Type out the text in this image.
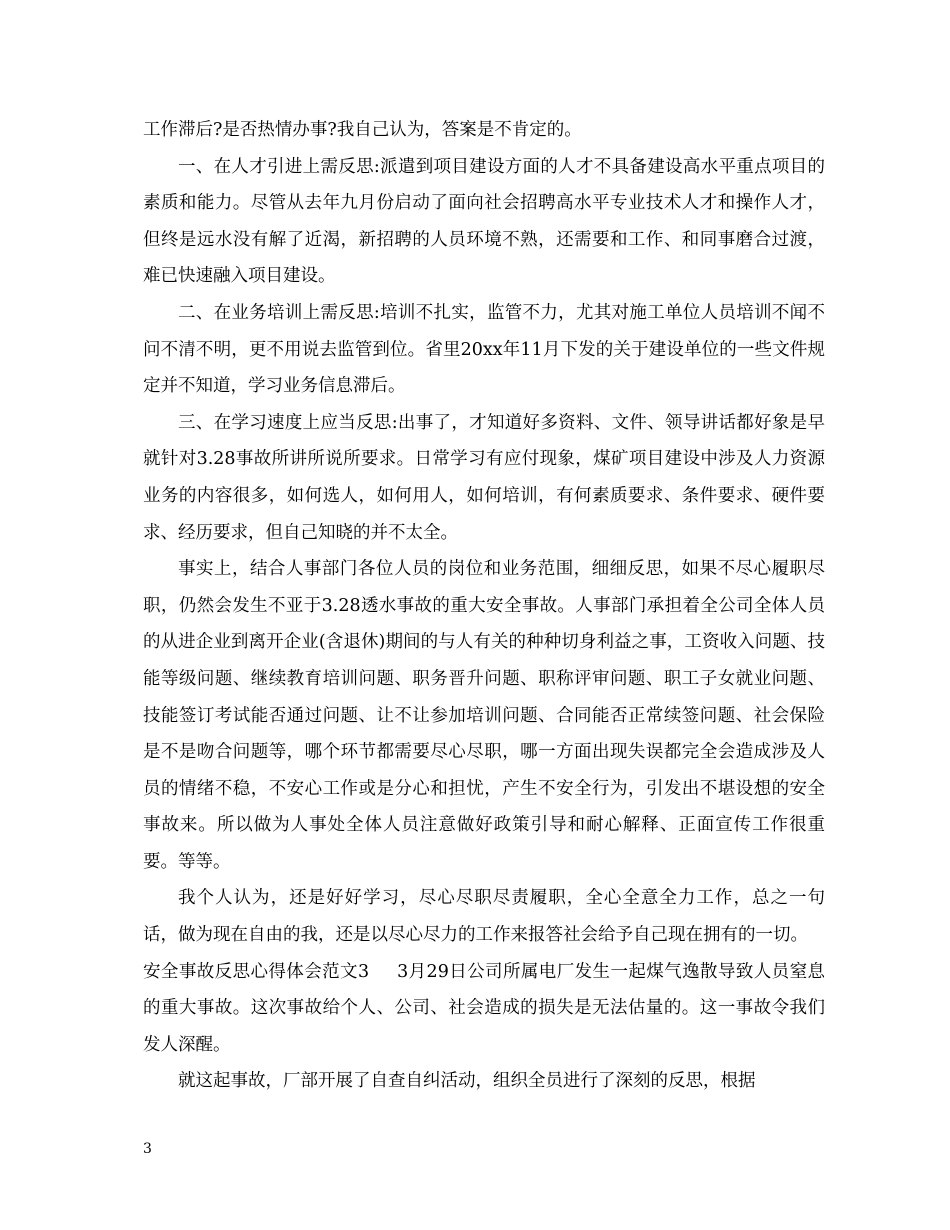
工作滞后?是否热情办事?我自己认为，答案是不肯定的。

一、在人才引进上需反思:派遣到项目建设方面的人才不具备建设高水平重点项目的素质和能力。尽管从去年九月份启动了面向社会招聘高水平专业技术人才和操作人才，但终是远水没有解了近渴，新招聘的人员环境不熟，还需要和工作、和同事磨合过渡，难已快速融入项目建设。

二、在业务培训上需反思:培训不扎实，监管不力，尤其对施工单位人员培训不闻不问不清不明，更不用说去监管到位。省里20xx年11月下发的关于建设单位的一些文件规定并不知道，学习业务信息滞后。

三、在学习速度上应当反思:出事了，才知道好多资料、文件、领导讲话都好象是早就针对3.28事故所讲所说所要求。日常学习有应付现象，煤矿项目建设中涉及人力资源业务的内容很多，如何选人，如何用人，如何培训，有何素质要求、条件要求、硬件要求、经历要求，但自己知晓的并不太全。

事实上，结合人事部门各位人员的岗位和业务范围，细细反思，如果不尽心履职尽职，仍然会发生不亚于3.28透水事故的重大安全事故。人事部门承担着全公司全体人员的从进企业到离开企业(含退休)期间的与人有关的种种切身利益之事，工资收入问题、技能等级问题、继续教育培训问题、职务晋升问题、职称评审问题、职工子女就业问题、技能签订考试能否通过问题、让不让参加培训问题、合同能否正常续签问题、社会保险是不是吻合问题等，哪个环节都需要尽心尽职，哪一方面出现失误都完全会造成涉及人员的情绪不稳，不安心工作或是分心和担忧，产生不安全行为，引发出不堪设想的安全事故来。所以做为人事处全体人员注意做好政策引导和耐心解释、正面宣传工作很重要。等等。

我个人认为，还是好好学习，尽心尽职尽责履职，全心全意全力工作，总之一句话，做为现在自由的我，还是以尽心尽力的工作来报答社会给予自己现在拥有的一切。

安全事故反思心得体会范文3 3月29日公司所属电厂发生一起煤气逸散导致人员窒息的重大事故。这次事故给个人、公司、社会造成的损失是无法估量的。这一事故令我们发人深醒。

就这起事故，厂部开展了自查自纠活动，组织全员进行了深刻的反思，根据

3
